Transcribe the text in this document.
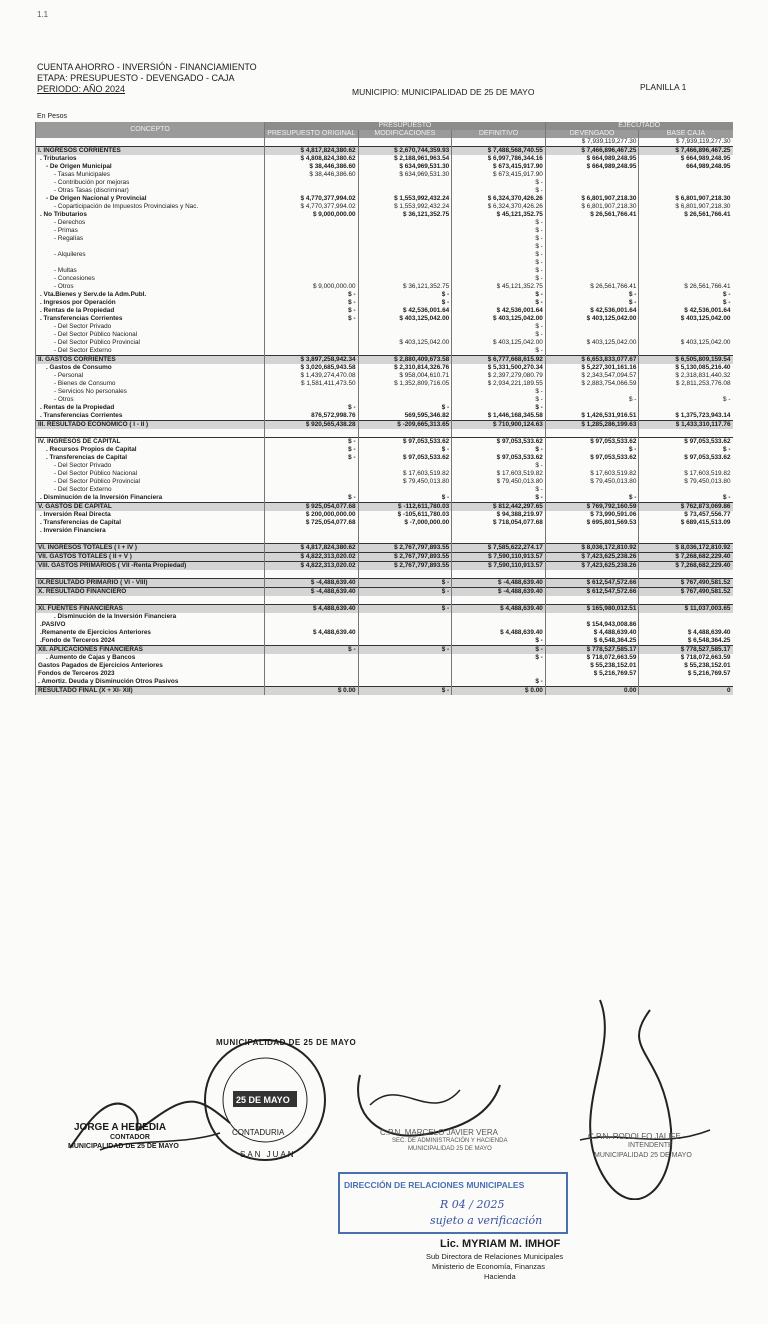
1.1
CUENTA AHORRO - INVERSIÓN - FINANCIAMIENTO
ETAPA: PRESUPUESTO - DEVENGADO - CAJA
PERIODO: AÑO 2024	MUNICIPIO: MUNICIPALIDAD DE 25 DE MAYO	PLANILLA 1
En Pesos
CONCEPTO	PRESUPUESTO			EJECUTADO	
	PRESUPUESTO ORIGINAL	MODIFICACIONES	DEFINITIVO	DEVENGADO	BASE CAJA
				$ 7,939,119,277.30	$ 7,939,119,277.30
I. INGRESOS CORRIENTES	$ 4,817,824,380.62	$ 2,670,744,359.93	$ 7,488,568,740.55	$ 7,466,896,467.25	$ 7,466,896,467.25
. Tributarios	$ 4,808,824,380.62	$ 2,188,961,963.54	$ 6,997,786,344.16	$ 664,989,248.95	$ 664,989,248.95
- De Origen Municipal	$ 38,446,386.60	$ 634,969,531.30	$ 673,415,917.90	$ 664,989,248.95	664,989,248.95
- Tasas Municipales	$ 38,446,386.60	$ 634,969,531.30	$ 673,415,917.90		
- Contribución por mejoras			$ -		
- Otras Tasas (discriminar)			$ -		
- De Origen Nacional y Provincial	$ 4,770,377,994.02	$ 1,553,992,432.24	$ 6,324,370,426.26	$ 6,801,907,218.30	$ 6,801,907,218.30
- Coparticipación de Impuestos Provinciales y Nac.	$ 4,770,377,994.02	$ 1,553,992,432.24	$ 6,324,370,426.26	$ 6,801,907,218.30	$ 6,801,907,218.30
. No Tributarios	$ 9,000,000.00	$ 36,121,352.75	$ 45,121,352.75	$ 26,561,766.41	$ 26,561,766.41
- Derechos			$ -		
- Primas			$ -		
- Regalías			$ -		
			$ -		
- Alquileres			$ -		
			$ -		
- Multas			$ -		
- Concesiones			$ -		
- Otros	$ 9,000,000.00	$ 36,121,352.75	$ 45,121,352.75	$ 26,561,766.41	$ 26,561,766.41
. Vta.Bienes y Serv.de la Adm.Publ.	$ -	$ -	$ -	$ -	$ -
. Ingresos por Operación	$ -	$ -	$ -	$ -	$ -
. Rentas de la Propiedad	$ -	$ 42,536,001.64	$ 42,536,001.64	$ 42,536,001.64	$ 42,536,001.64
. Transferencias Corrientes	$ -	$ 403,125,042.00	$ 403,125,042.00	$ 403,125,042.00	$ 403,125,042.00
- Del Sector Privado			$ -		
- Del Sector Público Nacional			$ -		
- Del Sector Público Provincial		$ 403,125,042.00	$ 403,125,042.00	$ 403,125,042.00	$ 403,125,042.00
- Del Sector Externo			$ -		
II. GASTOS CORRIENTES	$ 3,897,258,942.34	$ 2,880,409,673.58	$ 6,777,668,615.92	$ 6,653,833,077.67	$ 6,505,809,159.54
. Gastos de Consumo	$ 3,020,685,943.58	$ 2,310,814,326.76	$ 5,331,500,270.34	$ 5,227,301,161.16	$ 5,130,085,216.40
- Personal	$ 1,439,274,470.08	$ 958,004,610.71	$ 2,397,279,080.79	$ 2,343,547,094.57	$ 2,318,831,440.32
- Bienes de Consumo	$ 1,581,411,473.50	$ 1,352,809,716.05	$ 2,934,221,189.55	$ 2,883,754,066.59	$ 2,811,253,776.08
- Servicios No personales			$ -		
- Otros			$ -	$ -	$ -
. Rentas de la Propiedad	$ -	$ -	$ -		
. Transferencias Corrientes	876,572,998.76	569,595,346.82	$ 1,446,168,345.58	$ 1,426,531,916.51	$ 1,375,723,943.14
III. RESULTADO ECONOMICO ( I - II )	$ 920,565,438.28	$ -209,665,313.65	$ 710,900,124.63	$ 1,285,286,199.63	$ 1,433,310,117.76

IV. INGRESOS DE CAPITAL	$ -	$ 97,053,533.62	$ 97,053,533.62	$ 97,053,533.62	$ 97,053,533.62
. Recursos Propios de Capital	$ -	$ -	$ -	$ -	$ -
. Transferencias de Capital	$ -	$ 97,053,533.62	$ 97,053,533.62	$ 97,053,533.62	$ 97,053,533.62
- Del Sector Privado			$ -		
- Del Sector Público Nacional		$ 17,603,519.82	$ 17,603,519.82	$ 17,603,519.82	$ 17,603,519.82
- Del Sector Público Provincial		$ 79,450,013.80	$ 79,450,013.80	$ 79,450,013.80	$ 79,450,013.80
- Del Sector Externo			$ -		
. Disminución de la Inversión Financiera	$ -	$ -	$ -	$ -	$ -
V. GASTOS DE CAPITAL	$ 925,054,077.68	$ -112,611,780.03	$ 812,442,297.65	$ 769,792,160.59	$ 762,873,069.86
. Inversión Real Directa	$ 200,000,000.00	$ -105,611,780.03	$ 94,388,219.97	$ 73,990,591.06	$ 73,457,556.77
. Transferencias de Capital	$ 725,054,077.68	$ -7,000,000.00	$ 718,054,077.68	$ 695,801,569.53	$ 689,415,513.09
. Inversión Financiera					

VI. INGRESOS TOTALES ( I + IV )	$ 4,817,824,380.62	$ 2,767,797,893.55	$ 7,585,622,274.17	$ 8,036,172,810.92	$ 8,036,172,810.92
VII. GASTOS TOTALES ( II + V )	$ 4,822,313,020.02	$ 2,767,797,893.55	$ 7,590,110,913.57	$ 7,423,625,238.26	$ 7,268,682,229.40
VIII. GASTOS PRIMARIOS ( VII -Renta Propiedad)	$ 4,822,313,020.02	$ 2,767,797,893.55	$ 7,590,110,913.57	$ 7,423,625,238.26	$ 7,268,682,229.40

IX.RESULTADO PRIMARIO ( VI - VIII)	$ -4,488,639.40	$ -	$ -4,488,639.40	$ 612,547,572.66	$ 767,490,581.52
X. RESULTADO FINANCIERO	$ -4,488,639.40	$ -	$ -4,488,639.40	$ 612,547,572.66	$ 767,490,581.52

XI. FUENTES FINANCIERAS	$ 4,488,639.40	$ -	$ 4,488,639.40	$ 165,980,012.51	$ 11,037,003.65
. Disminución de la Inversión Financiera					
.PASIVO				$ 154,943,008.86	
.Remanente de Ejercicios Anteriores	$ 4,488,639.40		$ 4,488,639.40	$ 4,488,639.40	$ 4,488,639.40
.Fondo de Terceros 2024			$ -	$ 6,548,364.25	$ 6,548,364.25
XII. APLICACIONES FINANCIERAS	$ -	$ -	$ -	$ 778,527,585.17	$ 778,527,585.17
. Aumento de Cajas y Bancos			$ -	$ 718,072,663.59	$ 718,072,663.59
Gastos Pagados de Ejercicios Anteriores				$ 55,238,152.01	$ 55,238,152.01
Fondos de Terceros 2023				$ 5,216,769.57	$ 5,216,769.57
. Amortiz. Deuda y Disminución Otros Pasivos			$ -		
RESULTADO FINAL (X + XI- XII)	$ 0.00	$ -	$ 0.00	0.00	0
JORGE A HEREDIA
CONTADOR
MUNICIPALIDAD DE 25 DE MAYO
MUNICIPALIDAD DE 25 DE MAYO
25 DE MAYO
CONTADURIA
SAN JUAN
C.P.N. MARCELO JAVIER VERA
SEC. DE ADMINISTRACIÓN Y HACIENDA
MUNICIPALIDAD 25 DE MAYO
C.P.N. RODOLFO JALIFE
INTENDENTE
MUNICIPALIDAD 25 DE MAYO
DIRECCIÓN DE RELACIONES MUNICIPALES
R 04 / 2025
sujeto a verificación
Lic. MYRIAM M. IMHOF
Sub Directora de Relaciones Municipales
Ministerio de Economía, Finanzas
Hacienda
